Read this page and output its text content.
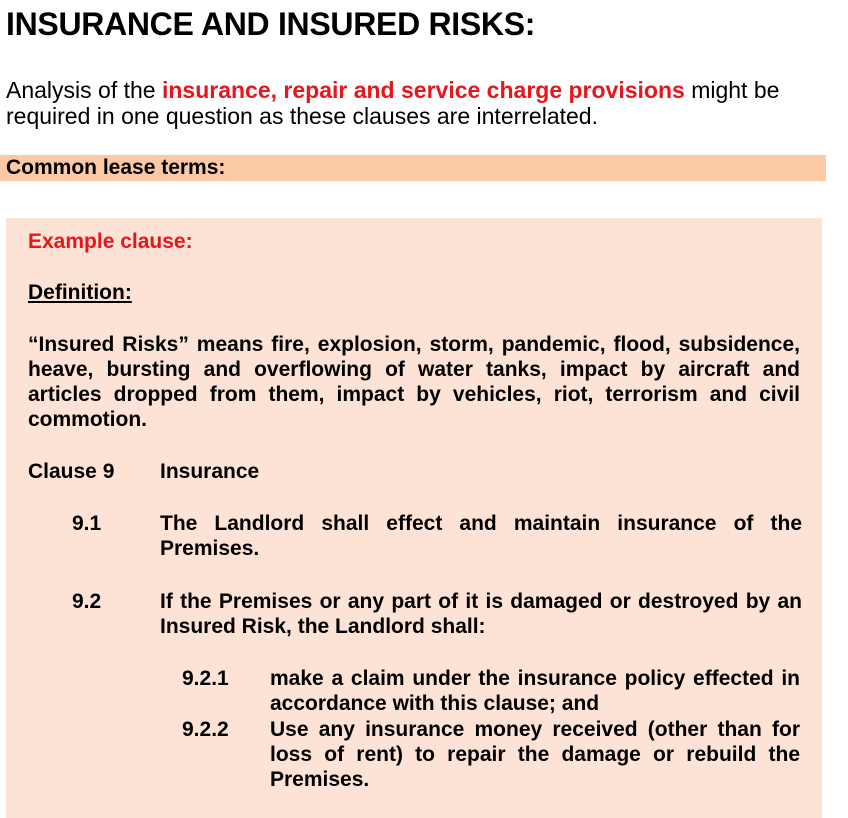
INSURANCE AND INSURED RISKS:
Analysis of the insurance, repair and service charge provisions might be required in one question as these clauses are interrelated.
Common lease terms:
Example clause:
Definition:
“Insured Risks” means fire, explosion, storm, pandemic, flood, subsidence, heave, bursting and overflowing of water tanks, impact by aircraft and articles dropped from them, impact by vehicles, riot, terrorism and civil commotion.
Clause 9 Insurance
9.1	The Landlord shall effect and maintain insurance of the Premises.
9.2	If the Premises or any part of it is damaged or destroyed by an Insured Risk, the Landlord shall:
9.2.1 make a claim under the insurance policy effected in accordance with this clause; and
9.2.2 Use any insurance money received (other than for loss of rent) to repair the damage or rebuild the Premises.
